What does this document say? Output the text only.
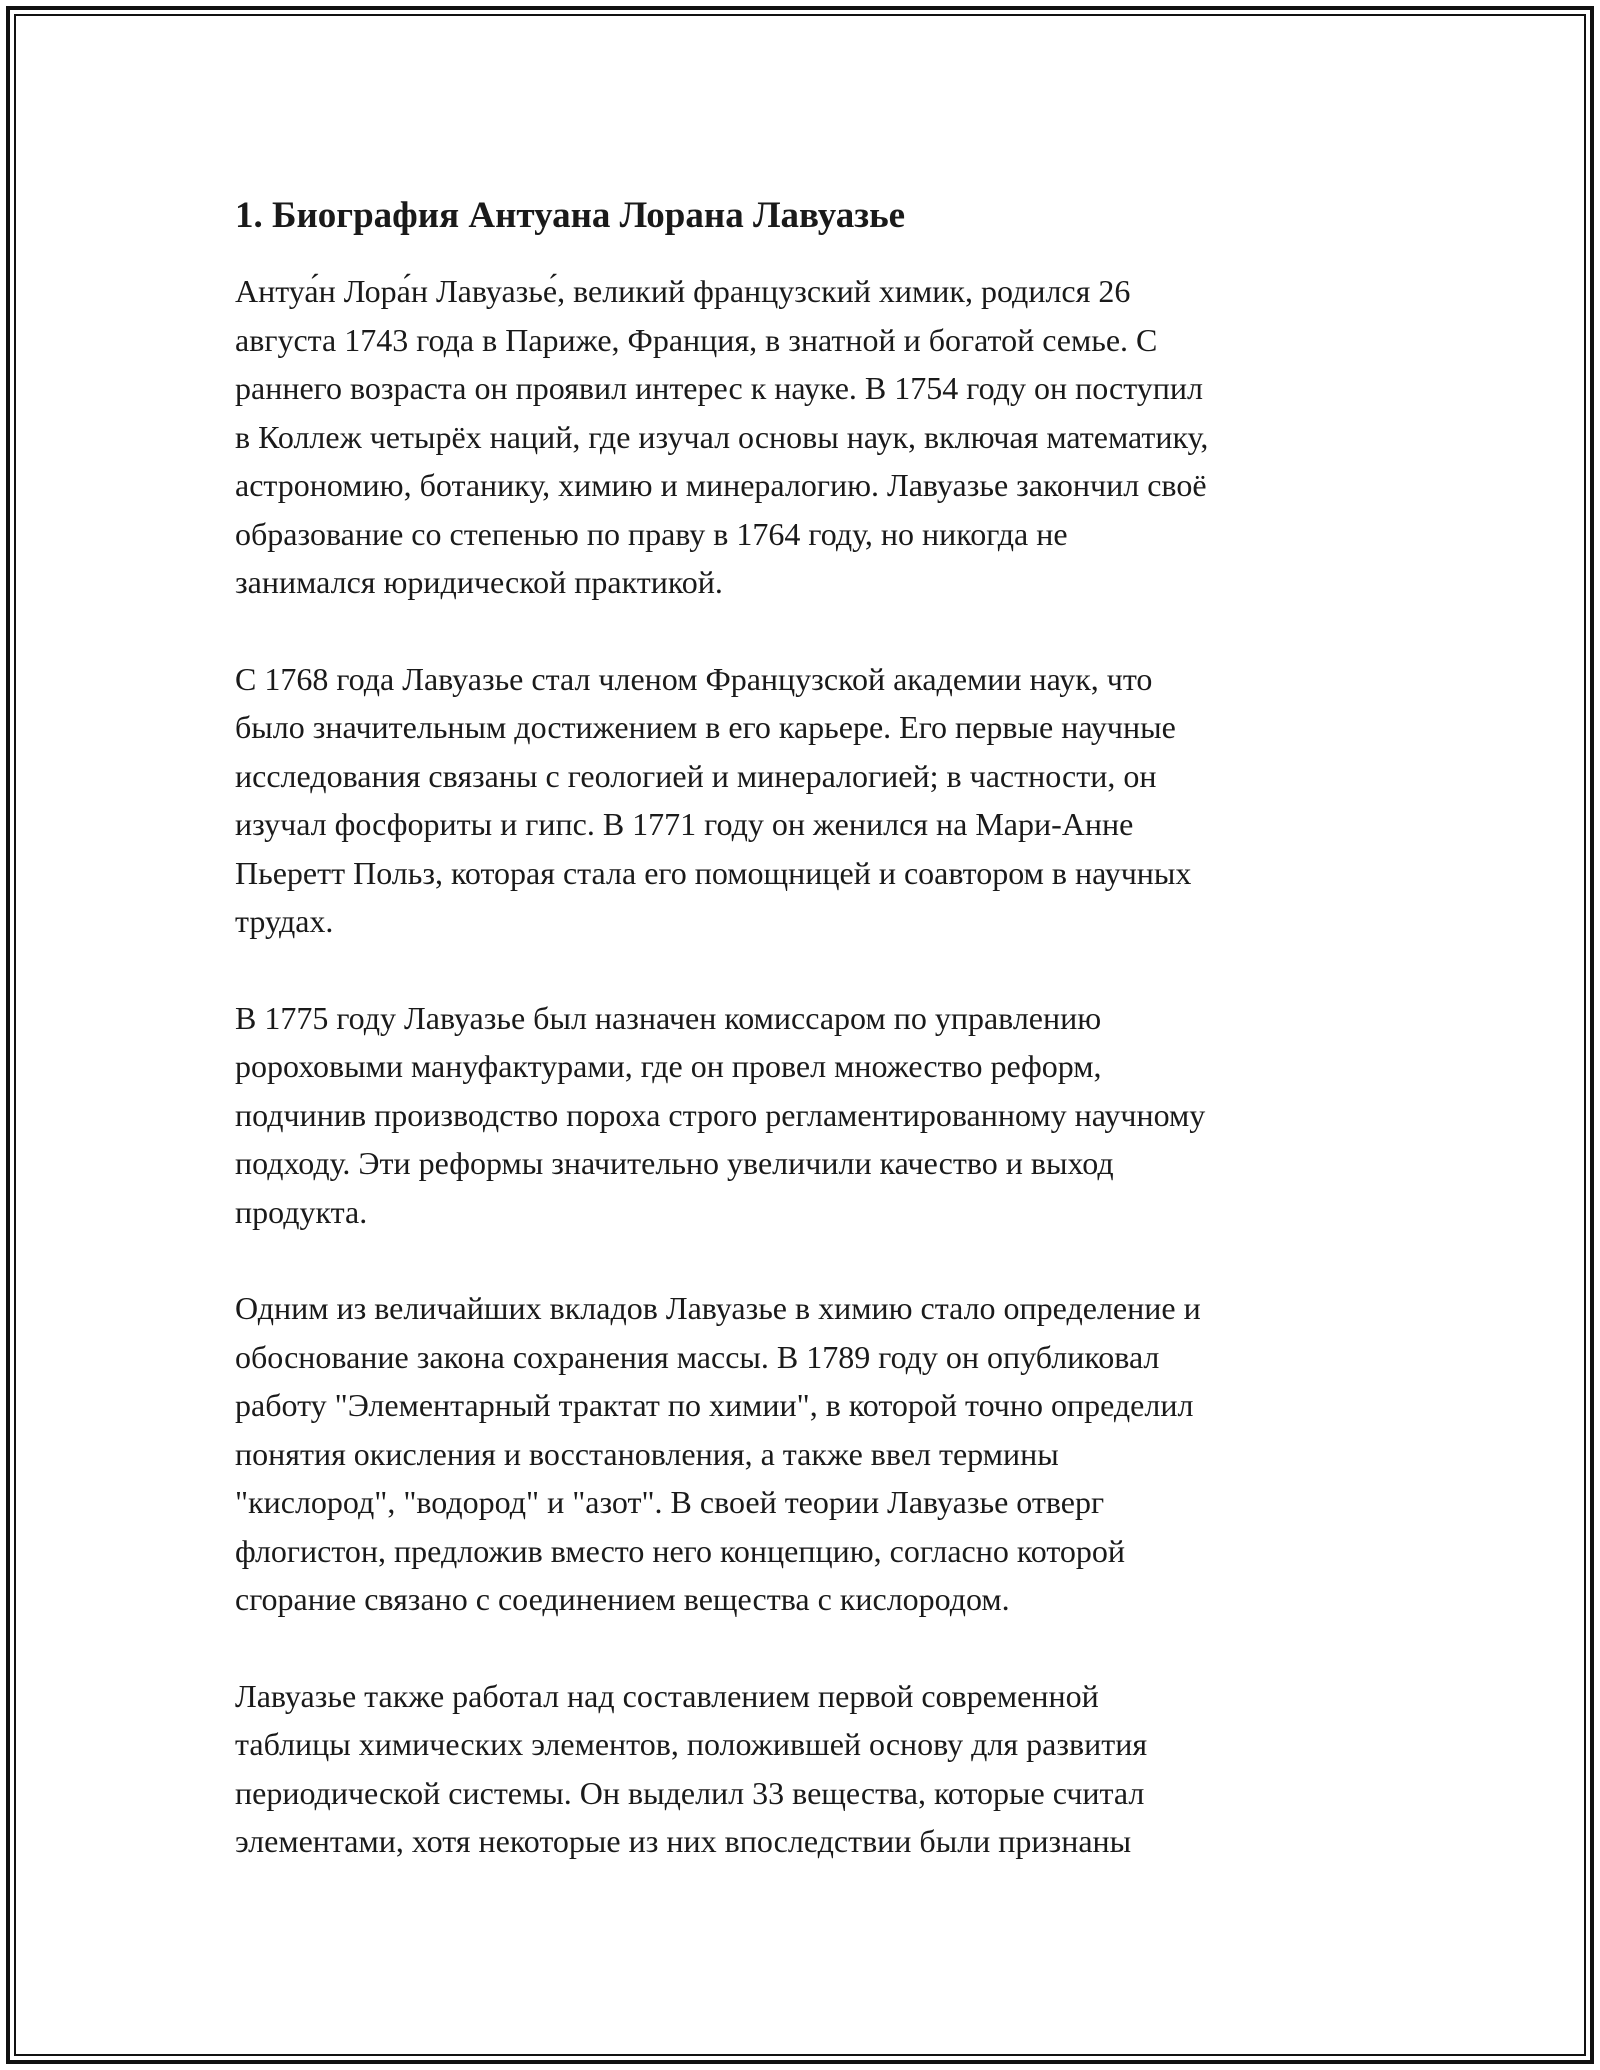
1. Биография Антуана Лорана Лавуазье

Антуа́н Лора́н Лавуазье́, великий французский химик, родился 26
августа 1743 года в Париже, Франция, в знатной и богатой семье. С
раннего возраста он проявил интерес к науке. В 1754 году он поступил
в Коллеж четырёх наций, где изучал основы наук, включая математику,
астрономию, ботанику, химию и минералогию. Лавуазье закончил своё
образование со степенью по праву в 1764 году, но никогда не
занимался юридической практикой.

С 1768 года Лавуазье стал членом Французской академии наук, что
было значительным достижением в его карьере. Его первые научные
исследования связаны с геологией и минералогией; в частности, он
изучал фосфориты и гипс. В 1771 году он женился на Мари-Анне
Пьеретт Польз, которая стала его помощницей и соавтором в научных
трудах.

В 1775 году Лавуазье был назначен комиссаром по управлению
pороховыми мануфактурами, где он провел множество реформ,
подчинив производство пороха строго регламентированному научному
подходу. Эти реформы значительно увеличили качество и выход
продукта.

Одним из величайших вкладов Лавуазье в химию стало определение и
обоснование закона сохранения массы. В 1789 году он опубликовал
работу "Элементарный трактат по химии", в которой точно определил
понятия окисления и восстановления, а также ввел термины
"кислород", "водород" и "азот". В своей теории Лавуазье отверг
флогистон, предложив вместо него концепцию, согласно которой
сгорание связано с соединением вещества с кислородом.

Лавуазье также работал над составлением первой современной
таблицы химических элементов, положившей основу для развития
периодической системы. Он выделил 33 вещества, которые считал
элементами, хотя некоторые из них впоследствии были признаны
